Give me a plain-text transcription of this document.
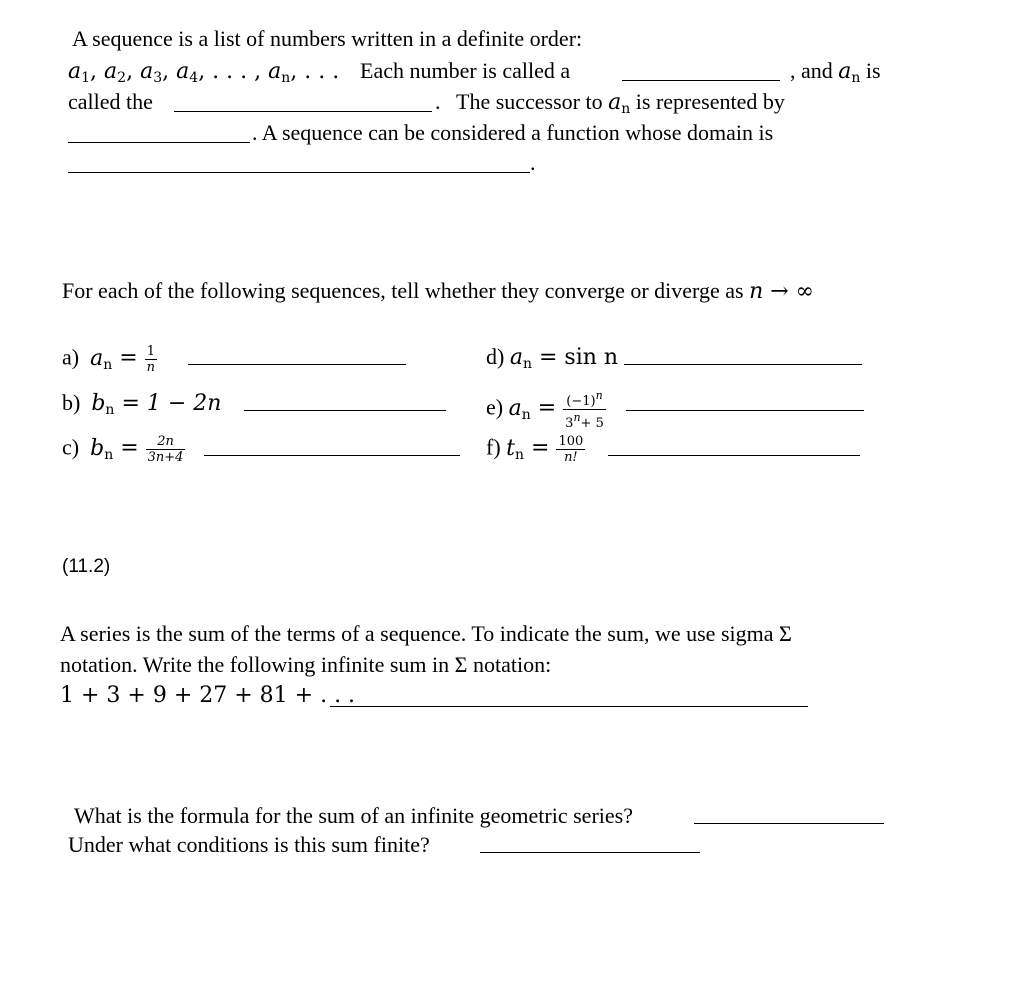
A sequence is a list of numbers written in a definite order:
$a_1$, $a_2$, $a_3$, $a_4$, . . . , $a_n$, . . . Each number is called a	, and $a_n$ is
called the	. The successor to $a_n$ is represented by
. A sequence can be considered a function whose domain is
.
For each of the following sequences, tell whether they converge or diverge as n → ∞
a) $a_n = \frac{1}{n}$
b) $b_n = 1 - 2n$
c) $b_n = \frac{2n}{3n+4}$
d) $a_n = \sin n$
e) $a_n = \frac{(-1)^n}{3^n+ 5}$
f) $t_n = \frac{100}{n!}$
(11.2)
A series is the sum of the terms of a sequence. To indicate the sum, we use sigma Σ
notation. Write the following infinite sum in Σ notation:
1 + 3 + 9 + 27 + 81 + . . .
What is the formula for the sum of an infinite geometric series?
Under what conditions is this sum finite?
